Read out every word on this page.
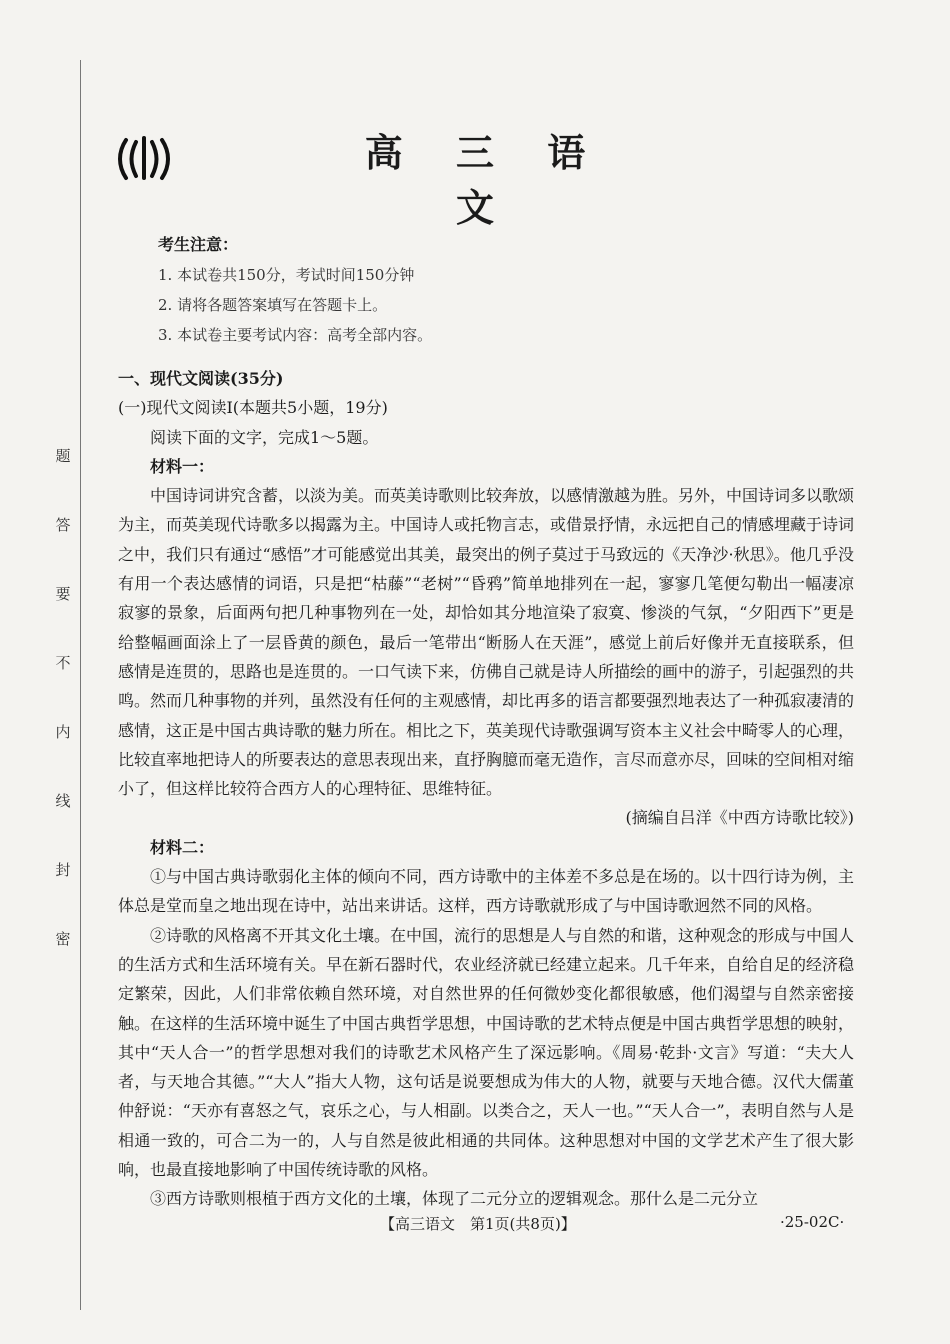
题
答
要
不
内
线
封
密
高 三 语 文
考生注意：
1. 本试卷共150分，考试时间150分钟
2. 请将各题答案填写在答题卡上。
3. 本试卷主要考试内容：高考全部内容。
一、现代文阅读(35分)
(一)现代文阅读Ⅰ(本题共5小题，19分)
阅读下面的文字，完成1～5题。
材料一：
中国诗词讲究含蓄，以淡为美。而英美诗歌则比较奔放，以感情激越为胜。另外，中国诗词多以歌颂为主，而英美现代诗歌多以揭露为主。中国诗人或托物言志，或借景抒情，永远把自己的情感埋藏于诗词之中，我们只有通过“感悟”才可能感觉出其美，最突出的例子莫过于马致远的《天净沙·秋思》。他几乎没有用一个表达感情的词语，只是把“枯藤”“老树”“昏鸦”简单地排列在一起，寥寥几笔便勾勒出一幅凄凉寂寥的景象，后面两句把几种事物列在一处，却恰如其分地渲染了寂寞、惨淡的气氛，“夕阳西下”更是给整幅画面涂上了一层昏黄的颜色，最后一笔带出“断肠人在天涯”，感觉上前后好像并无直接联系，但感情是连贯的，思路也是连贯的。一口气读下来，仿佛自己就是诗人所描绘的画中的游子，引起强烈的共鸣。然而几种事物的并列，虽然没有任何的主观感情，却比再多的语言都要强烈地表达了一种孤寂凄清的感情，这正是中国古典诗歌的魅力所在。相比之下，英美现代诗歌强调写资本主义社会中畸零人的心理，比较直率地把诗人的所要表达的意思表现出来，直抒胸臆而毫无造作，言尽而意亦尽，回味的空间相对缩小了，但这样比较符合西方人的心理特征、思维特征。
(摘编自吕洋《中西方诗歌比较》)
材料二：
①与中国古典诗歌弱化主体的倾向不同，西方诗歌中的主体差不多总是在场的。以十四行诗为例，主体总是堂而皇之地出现在诗中，站出来讲话。这样，西方诗歌就形成了与中国诗歌迥然不同的风格。
②诗歌的风格离不开其文化土壤。在中国，流行的思想是人与自然的和谐，这种观念的形成与中国人的生活方式和生活环境有关。早在新石器时代，农业经济就已经建立起来。几千年来，自给自足的经济稳定繁荣，因此，人们非常依赖自然环境，对自然世界的任何微妙变化都很敏感，他们渴望与自然亲密接触。在这样的生活环境中诞生了中国古典哲学思想，中国诗歌的艺术特点便是中国古典哲学思想的映射，其中“天人合一”的哲学思想对我们的诗歌艺术风格产生了深远影响。《周易·乾卦·文言》写道：“夫大人者，与天地合其德。”“大人”指大人物，这句话是说要想成为伟大的人物，就要与天地合德。汉代大儒董仲舒说：“天亦有喜怒之气，哀乐之心，与人相副。以类合之，天人一也。”“天人合一”，表明自然与人是相通一致的，可合二为一的，人与自然是彼此相通的共同体。这种思想对中国的文学艺术产生了很大影响，也最直接地影响了中国传统诗歌的风格。
③西方诗歌则根植于西方文化的土壤，体现了二元分立的逻辑观念。那什么是二元分立
【高三语文　第1页(共8页)】	·25-02C·
